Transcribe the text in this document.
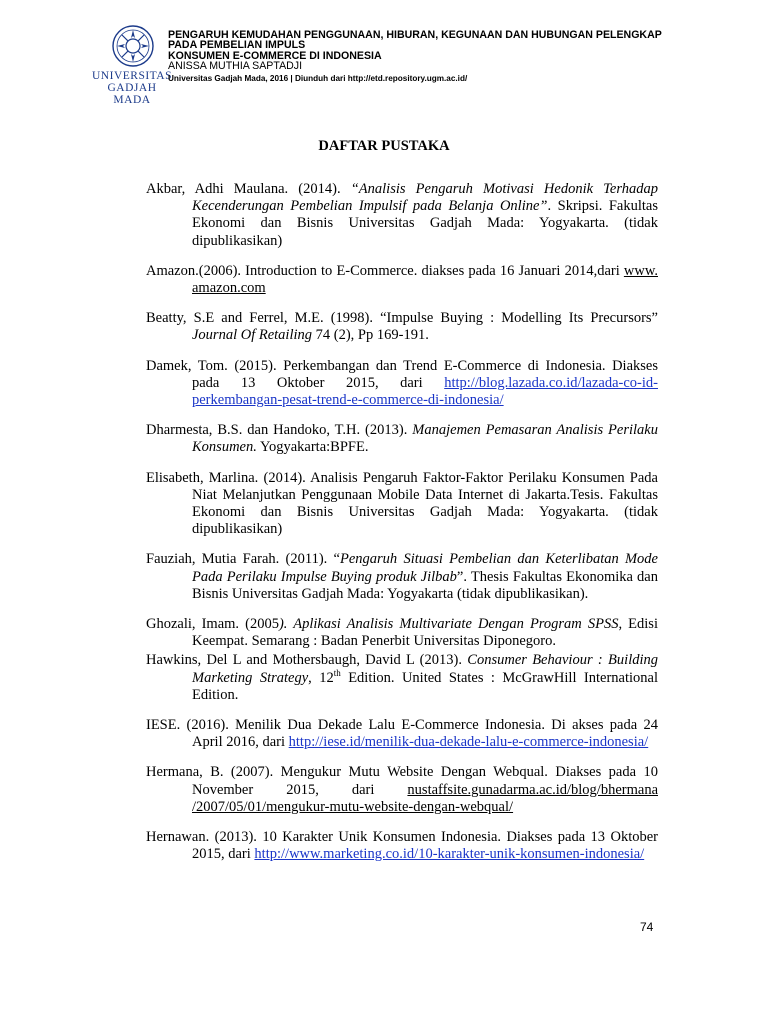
UNIVERSITAS
GADJAH MADA
PENGARUH KEMUDAHAN PENGGUNAAN, HIBURAN, KEGUNAAN DAN HUBUNGAN PELENGKAP
PADA PEMBELIAN IMPULS
KONSUMEN E-COMMERCE DI INDONESIA
ANISSA MUTHIA SAPTADJI
Universitas Gadjah Mada, 2016 | Diunduh dari http://etd.repository.ugm.ac.id/
DAFTAR PUSTAKA
Akbar, Adhi Maulana. (2014). “Analisis Pengaruh Motivasi Hedonik Terhadap Kecenderungan Pembelian Impulsif pada Belanja Online”. Skripsi. Fakultas Ekonomi dan Bisnis Universitas Gadjah Mada: Yogyakarta. (tidak dipublikasikan)
Amazon.(2006). Introduction to E-Commerce. diakses pada 16 Januari 2014,dari www. amazon.com
Beatty, S.E and Ferrel, M.E. (1998). “Impulse Buying : Modelling Its Precursors” Journal Of Retailing 74 (2), Pp 169-191.
Damek, Tom. (2015). Perkembangan dan Trend E-Commerce di Indonesia. Diakses pada 13 Oktober 2015, dari http://blog.lazada.co.id/lazada-co-id-perkembangan-pesat-trend-e-commerce-di-indonesia/
Dharmesta, B.S. dan Handoko, T.H. (2013). Manajemen Pemasaran Analisis Perilaku Konsumen. Yogyakarta:BPFE.
Elisabeth, Marlina. (2014). Analisis Pengaruh Faktor-Faktor Perilaku Konsumen Pada Niat Melanjutkan Penggunaan Mobile Data Internet di Jakarta.Tesis. Fakultas Ekonomi dan Bisnis Universitas Gadjah Mada: Yogyakarta. (tidak dipublikasikan)
Fauziah, Mutia Farah. (2011). “Pengaruh Situasi Pembelian dan Keterlibatan Mode Pada Perilaku Impulse Buying produk Jilbab”. Thesis Fakultas Ekonomika dan Bisnis Universitas Gadjah Mada: Yogyakarta (tidak dipublikasikan).
Ghozali, Imam. (2005). Aplikasi Analisis Multivariate Dengan Program SPSS, Edisi Keempat. Semarang : Badan Penerbit Universitas Diponegoro.
Hawkins, Del L and Mothersbaugh, David L (2013). Consumer Behaviour : Building Marketing Strategy, 12th Edition. United States : McGrawHill International Edition.
IESE. (2016). Menilik Dua Dekade Lalu E-Commerce Indonesia. Di akses pada 24 April 2016, dari http://iese.id/menilik-dua-dekade-lalu-e-commerce-indonesia/
Hermana, B. (2007). Mengukur Mutu Website Dengan Webqual. Diakses pada 10 November 2015, dari nustaffsite.gunadarma.ac.id/blog/bhermana /2007/05/01/mengukur-mutu-website-dengan-webqual/
Hernawan. (2013). 10 Karakter Unik Konsumen Indonesia. Diakses pada 13 Oktober 2015, dari http://www.marketing.co.id/10-karakter-unik-konsumen-indonesia/
74
